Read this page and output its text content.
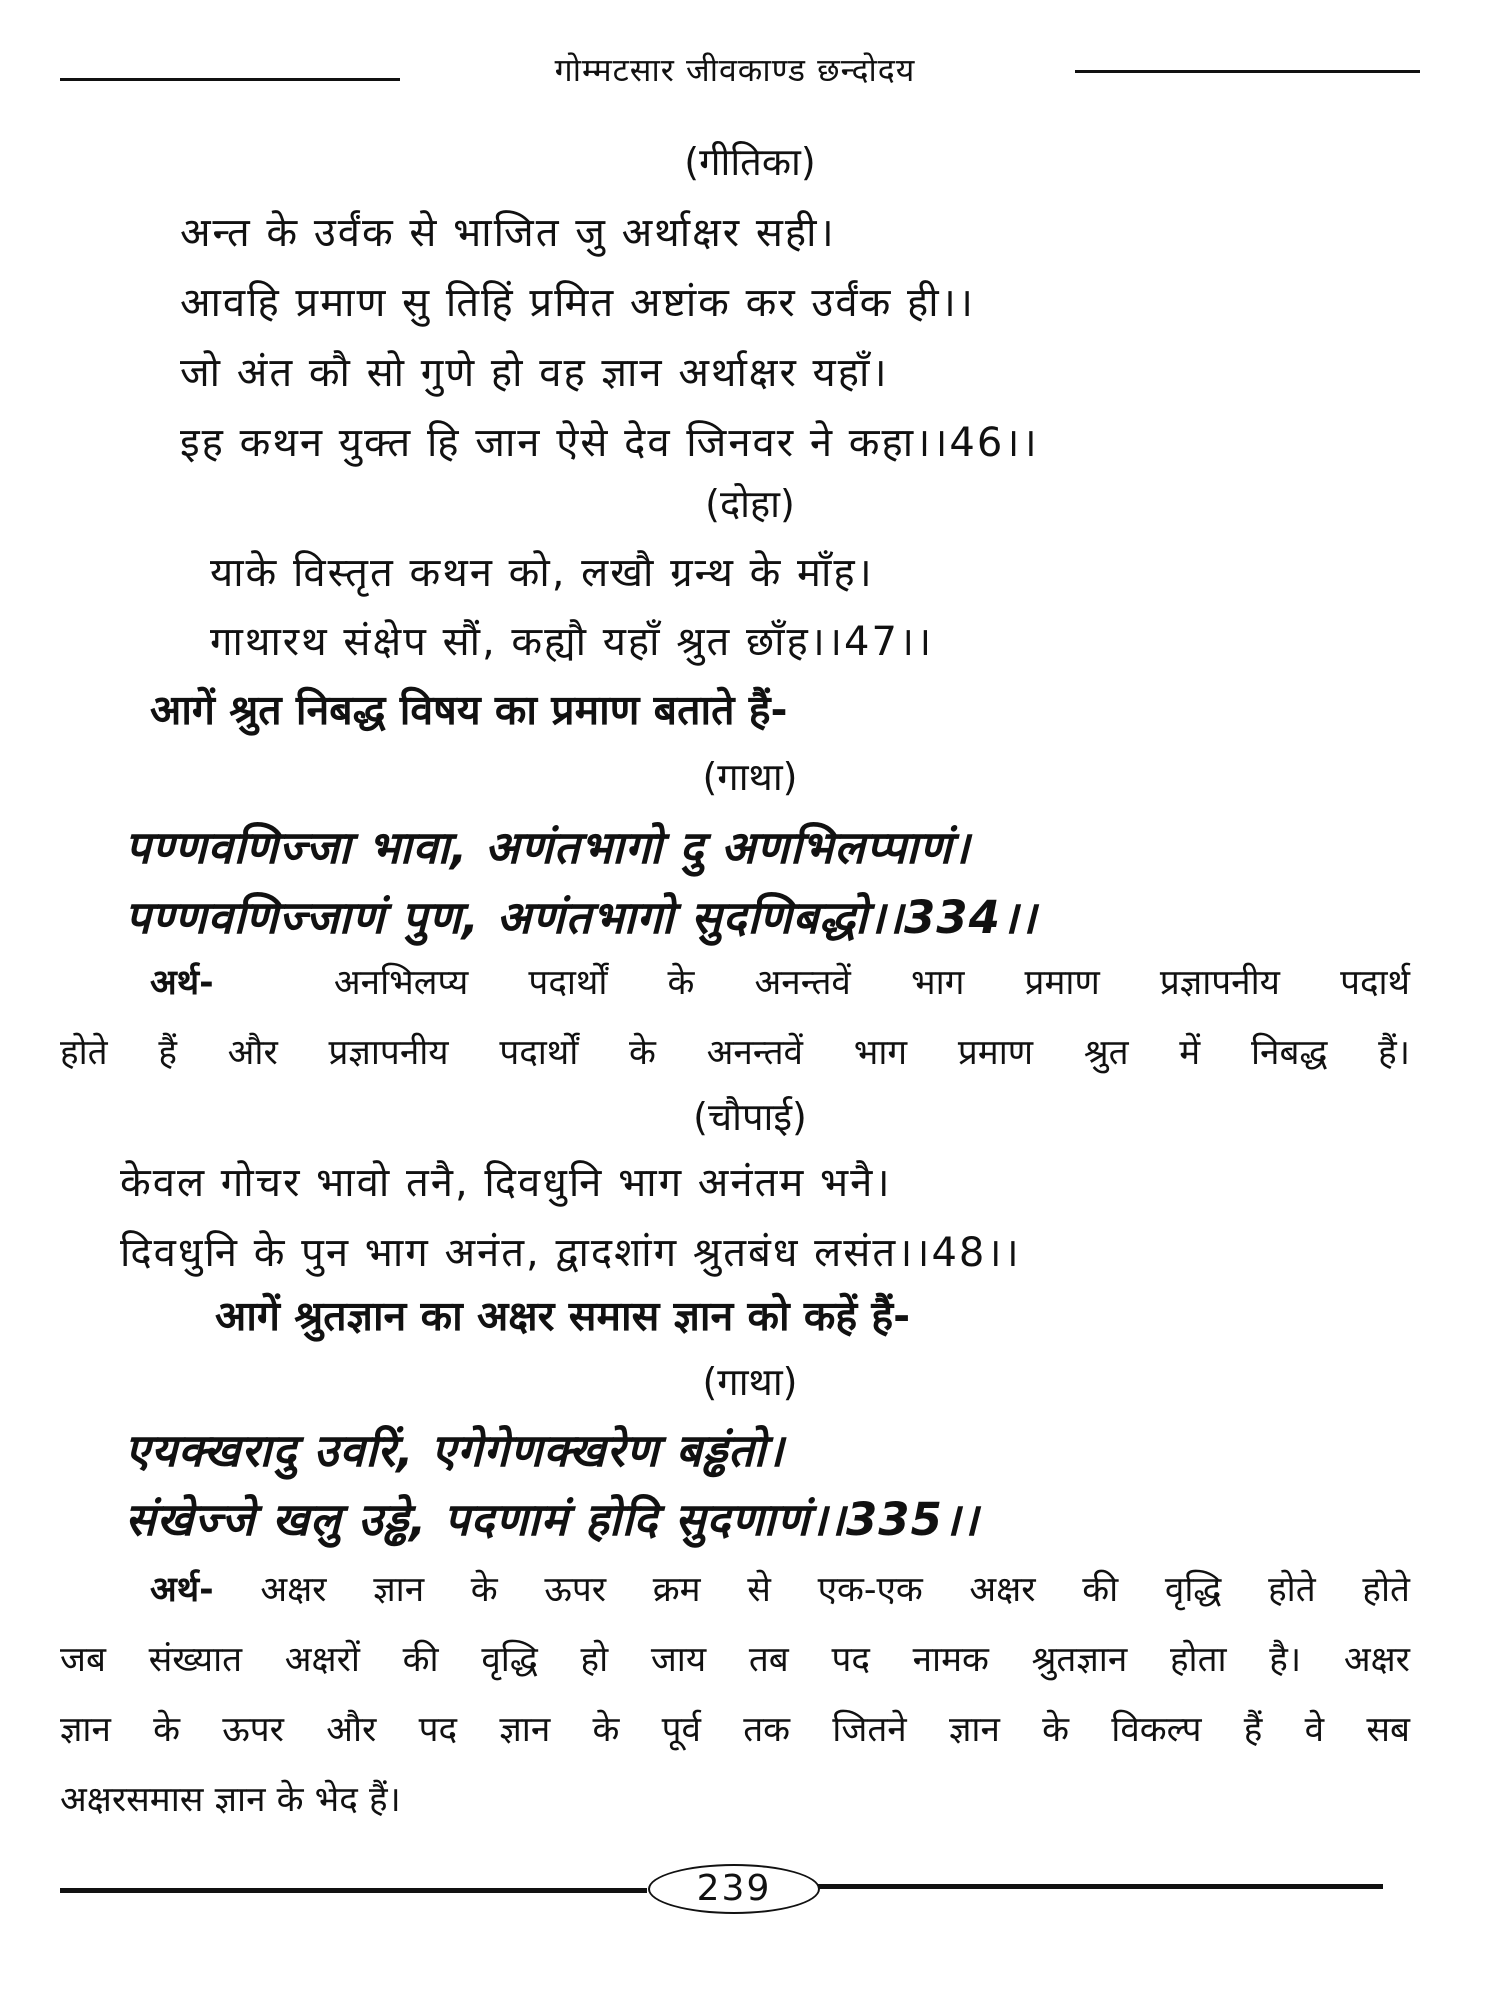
गोम्मटसार जीवकाण्ड छन्दोदय
(गीतिका)
अन्त के उर्वंक से भाजित जु अर्थाक्षर सही।
आवहि प्रमाण सु तिहिं प्रमित अष्टांक कर उर्वंक ही।।
जो अंत कौ सो गुणे हो वह ज्ञान अर्थाक्षर यहाँ।
इह कथन युक्त हि जान ऐसे देव जिनवर ने कहा।।46।।
(दोहा)
याके विस्तृत कथन को, लखौ ग्रन्थ के माँह।
गाथारथ संक्षेप सौं, कह्यौ यहाँ श्रुत छाँह।।47।।
आगें श्रुत निबद्ध विषय का प्रमाण बताते हैं-
(गाथा)
पण्णवणिज्जा भावा, अणंतभागो दु अणभिलप्पाणं।
पण्णवणिज्जाणं पुण, अणंतभागो सुदणिबद्धो।।334।।
अर्थ-	अनभिलप्य पदार्थों के अनन्तवें भाग प्रमाण प्रज्ञापनीय पदार्थ
होते हैं और प्रज्ञापनीय पदार्थों के अनन्तवें भाग प्रमाण श्रुत में निबद्ध हैं।
(चौपाई)
केवल गोचर भावो तनै, दिवधुनि भाग अनंतम भनै।
दिवधुनि के पुन भाग अनंत, द्वादशांग श्रुतबंध लसंत।।48।।
आगें श्रुतज्ञान का अक्षर समास ज्ञान को कहें हैं-
(गाथा)
एयक्खरादु उवरिं, एगेगेणक्खरेण बड्ढंतो।
संखेज्जे खलु उड्ढे, पदणामं होदि सुदणाणं।।335।।
अर्थ- अक्षर ज्ञान के ऊपर क्रम से एक-एक अक्षर की वृद्धि होते होते
जब संख्यात अक्षरों की वृद्धि हो जाय तब पद नामक श्रुतज्ञान होता है। अक्षर
ज्ञान के ऊपर और पद ज्ञान के पूर्व तक जितने ज्ञान के विकल्प हैं वे सब
अक्षरसमास ज्ञान के भेद हैं।
239
